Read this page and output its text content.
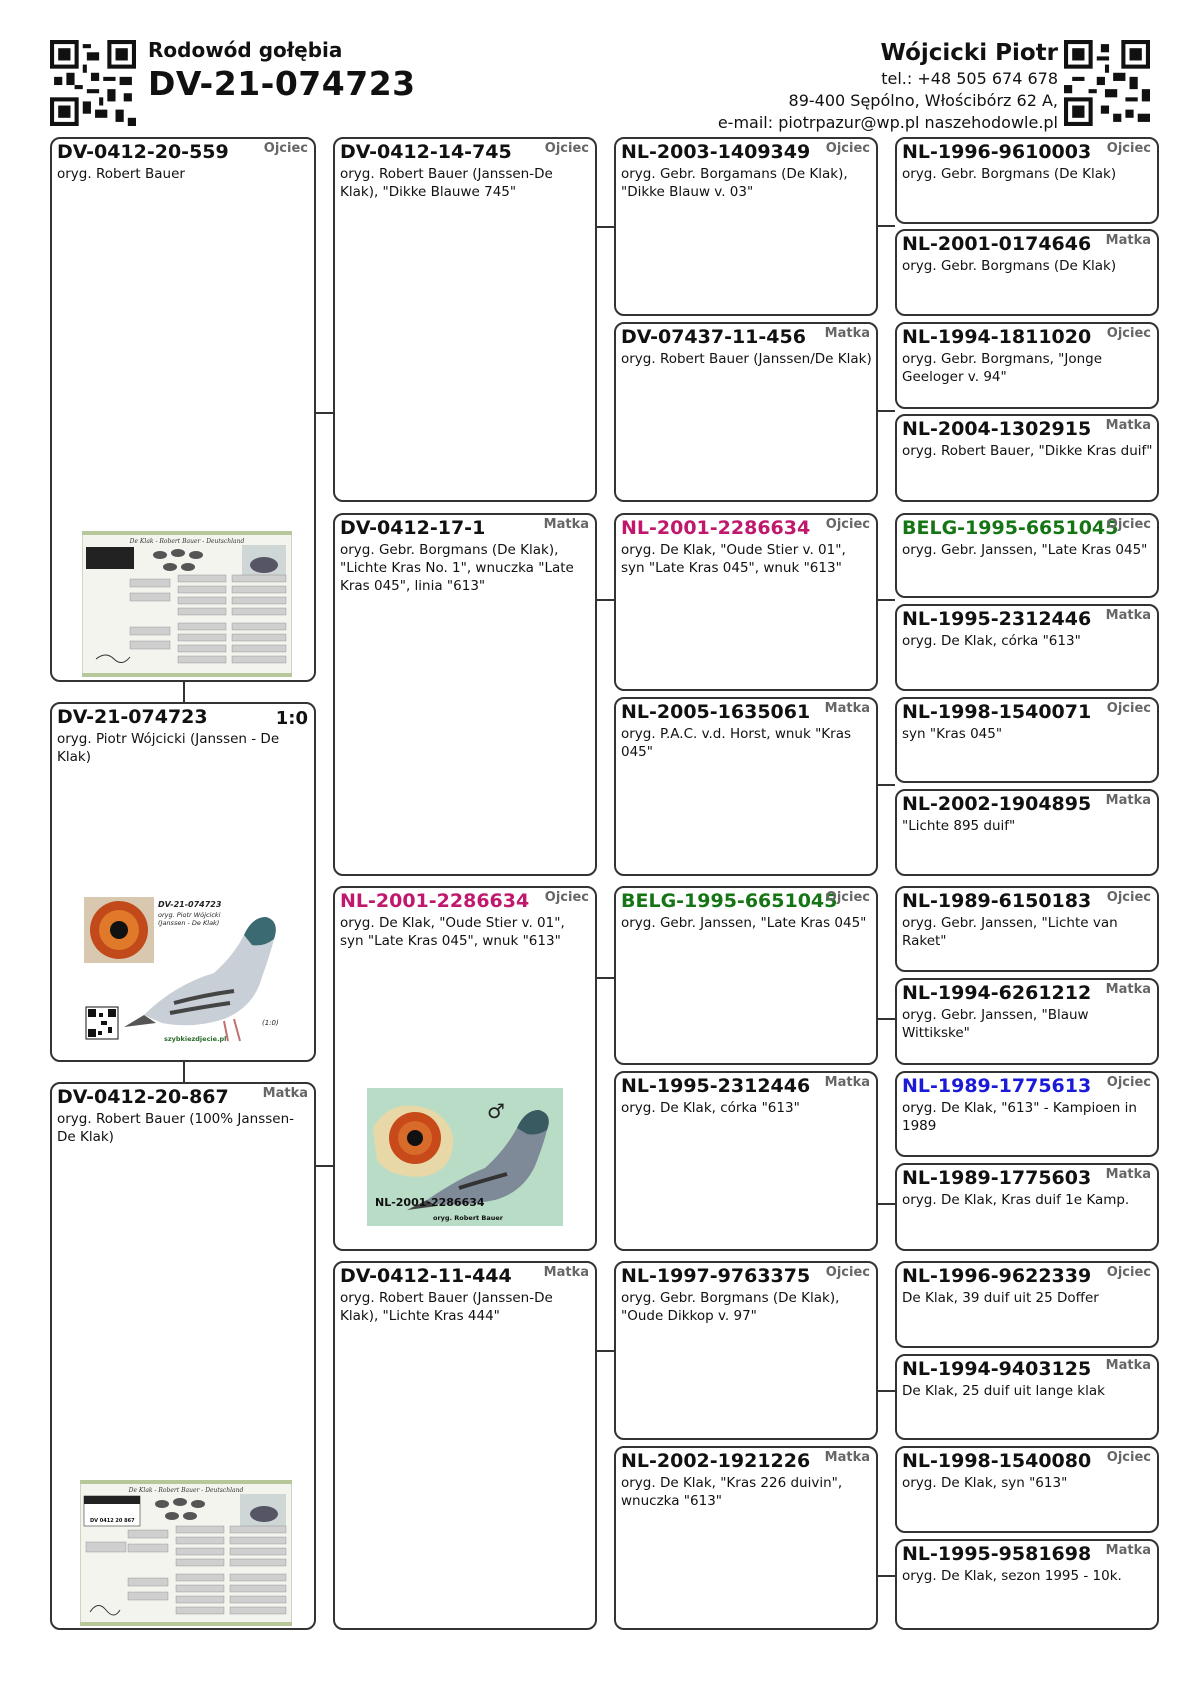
Rodowód gołębia
DV-21-074723
Wójcicki Piotr
tel.: +48 505 674 678
89-400 Sępólno, Włościbórz 62 A,
e-mail: piotrpazur@wp.pl naszehodowle.pl
DV-0412-20-559	Ojciec
oryg. Robert Bauer
De Klak - Robert Bauer - Deutschland
DV-21-074723	1:0
oryg. Piotr Wójcicki (Janssen - De Klak)
DV-21-074723
oryg. Piotr Wójcicki
(Janssen - De Klak)
(1:0)
szybkiezdjecie.pl
DV-0412-20-867	Matka
oryg. Robert Bauer (100% Janssen-De Klak)
De Klak - Robert Bauer - Deutschland
DV 0412 20 867
DV-0412-14-745	Ojciec
oryg. Robert Bauer (Janssen-De Klak), "Dikke Blauwe 745"
DV-0412-17-1	Matka
oryg. Gebr. Borgmans (De Klak), "Lichte Kras No. 1", wnuczka "Late Kras 045", linia "613"
NL-2001-2286634	Ojciec
oryg. De Klak, "Oude Stier v. 01", syn "Late Kras 045", wnuk "613"
♂
NL-2001-2286634
oryg. Robert Bauer
DV-0412-11-444	Matka
oryg. Robert Bauer (Janssen-De Klak), "Lichte Kras 444"
NL-2003-1409349	Ojciec
oryg. Gebr. Borgamans (De Klak), "Dikke Blauw v. 03"
DV-07437-11-456	Matka
oryg. Robert Bauer (Janssen/De Klak)
NL-2001-2286634	Ojciec
oryg. De Klak, "Oude Stier v. 01", syn "Late Kras 045", wnuk "613"
NL-2005-1635061	Matka
oryg. P.A.C. v.d. Horst, wnuk "Kras 045"
BELG-1995-6651045
Ojciec
oryg. Gebr. Janssen, "Late Kras 045"
NL-1995-2312446	Matka
oryg. De Klak, córka "613"
NL-1997-9763375	Ojciec
oryg. Gebr. Borgmans (De Klak), "Oude Dikkop v. 97"
NL-2002-1921226	Matka
oryg. De Klak, "Kras 226 duivin", wnuczka "613"
NL-1996-9610003	Ojciec
oryg. Gebr. Borgmans (De Klak)
NL-2001-0174646	Matka
oryg. Gebr. Borgmans (De Klak)
NL-1994-1811020	Ojciec
oryg. Gebr. Borgmans, "Jonge Geeloger v. 94"
NL-2004-1302915	Matka
oryg. Robert Bauer, "Dikke Kras duif"
BELG-1995-6651045
Ojciec
oryg. Gebr. Janssen, "Late Kras 045"
NL-1995-2312446	Matka
oryg. De Klak, córka "613"
NL-1998-1540071	Ojciec
syn "Kras 045"
NL-2002-1904895	Matka
"Lichte 895 duif"
NL-1989-6150183	Ojciec
oryg. Gebr. Janssen, "Lichte van Raket"
NL-1994-6261212	Matka
oryg. Gebr. Janssen, "Blauw Wittikske"
NL-1989-1775613	Ojciec
oryg. De Klak, "613" - Kampioen in 1989
NL-1989-1775603	Matka
oryg. De Klak, Kras duif 1e Kamp.
NL-1996-9622339	Ojciec
De Klak, 39 duif uit 25 Doffer
NL-1994-9403125	Matka
De Klak, 25 duif uit lange klak
NL-1998-1540080	Ojciec
oryg. De Klak, syn "613"
NL-1995-9581698	Matka
oryg. De Klak, sezon 1995 - 10k.
